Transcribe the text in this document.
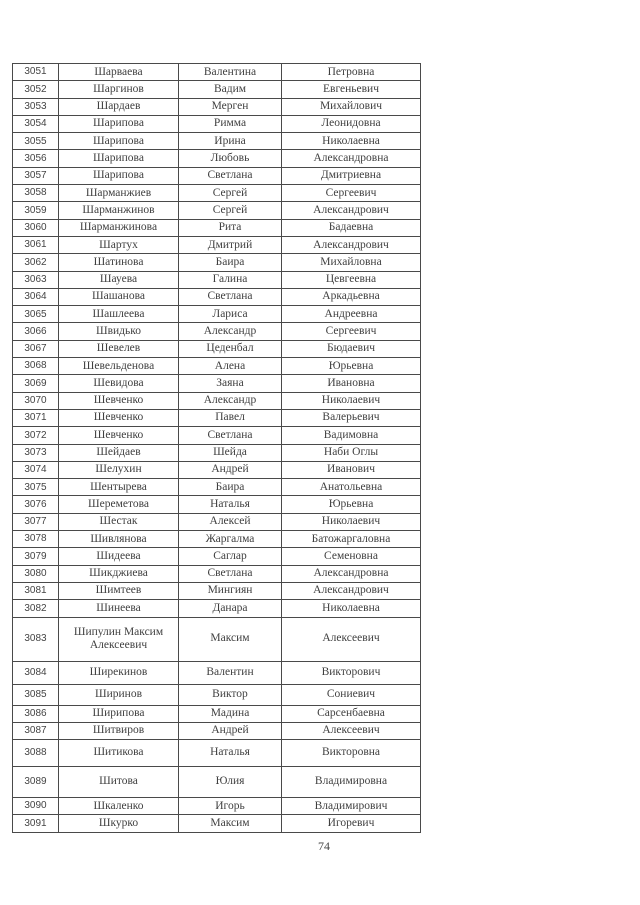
3051	Шарваева	Валентина	Петровна
3052	Шаргинов	Вадим	Евгеньевич
3053	Шардаев	Мерген	Михайлович
3054	Шарипова	Римма	Леонидовна
3055	Шарипова	Ирина	Николаевна
3056	Шарипова	Любовь	Александровна
3057	Шарипова	Светлана	Дмитриевна
3058	Шарманжиев	Сергей	Сергеевич
3059	Шарманжинов	Сергей	Александрович
3060	Шарманжинова	Рита	Бадаевна
3061	Шартух	Дмитрий	Александрович
3062	Шатинова	Баира	Михайловна
3063	Шауева	Галина	Цевгеевна
3064	Шашанова	Светлана	Аркадьевна
3065	Шашлеева	Лариса	Андреевна
3066	Швидько	Александр	Сергеевич
3067	Шевелев	Цеденбал	Бюдаевич
3068	Шевельденова	Алена	Юрьевна
3069	Шевидова	Заяна	Ивановна
3070	Шевченко	Александр	Николаевич
3071	Шевченко	Павел	Валерьевич
3072	Шевченко	Светлана	Вадимовна
3073	Шейдаев	Шейда	Наби Оглы
3074	Шелухин	Андрей	Иванович
3075	Шентырева	Баира	Анатольевна
3076	Шереметова	Наталья	Юрьевна
3077	Шестак	Алексей	Николаевич
3078	Шивлянова	Жаргалма	Батожаргаловна
3079	Шидеева	Саглар	Семеновна
3080	Шикджиева	Светлана	Александровна
3081	Шимтеев	Мингиян	Александрович
3082	Шинеева	Данара	Николаевна
3083	Шипулин Максим Алексеевич	Максим	Алексеевич
3084	Ширекинов	Валентин	Викторович
3085	Ширинов	Виктор	Сониевич
3086	Ширипова	Мадина	Сарсенбаевна
3087	Шитвиров	Андрей	Алексеевич
3088	Шитикова	Наталья	Викторовна
3089	Шитова	Юлия	Владимировна
3090	Шкаленко	Игорь	Владимирович
3091	Шкурко	Максим	Игоревич
74
